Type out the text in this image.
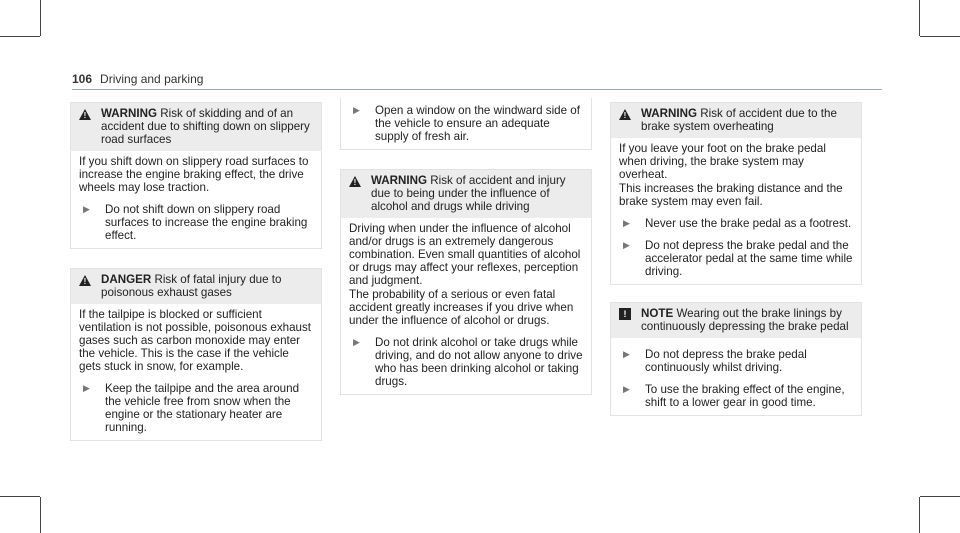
106 Driving and parking
! WARNING Risk of skidding and of an accident due to shifting down on slippery road surfaces

If you shift down on slippery road surfaces to increase the engine braking effect, the drive wheels may lose traction.

▶	Do not shift down on slippery road surfaces to increase the engine braking effect.

! DANGER Risk of fatal injury due to poisonous exhaust gases

If the tailpipe is blocked or sufficient ventilation is not possible, poisonous exhaust gases such as carbon monoxide may enter the vehicle. This is the case if the vehicle gets stuck in snow, for example.

▶	Keep the tailpipe and the area around the vehicle free from snow when the engine or the stationary heater are running.

▶	Open a window on the windward side of the vehicle to ensure an adequate supply of fresh air.

! WARNING Risk of accident and injury due to being under the influence of alcohol and drugs while driving

Driving when under the influence of alcohol and/or drugs is an extremely dangerous combination. Even small quantities of alcohol or drugs may affect your reflexes, perception and judgment.

The probability of a serious or even fatal accident greatly increases if you drive when under the influence of alcohol or drugs.

▶	Do not drink alcohol or take drugs while driving, and do not allow anyone to drive who has been drinking alcohol or taking drugs.

! WARNING Risk of accident due to the brake system overheating

If you leave your foot on the brake pedal when driving, the brake system may overheat.

This increases the braking distance and the brake system may even fail.

▶	Never use the brake pedal as a footrest.

▶	Do not depress the brake pedal and the accelerator pedal at the same time while driving.

!	NOTE Wearing out the brake linings by continuously depressing the brake pedal

▶	Do not depress the brake pedal continuously whilst driving.

▶	To use the braking effect of the engine, shift to a lower gear in good time.
